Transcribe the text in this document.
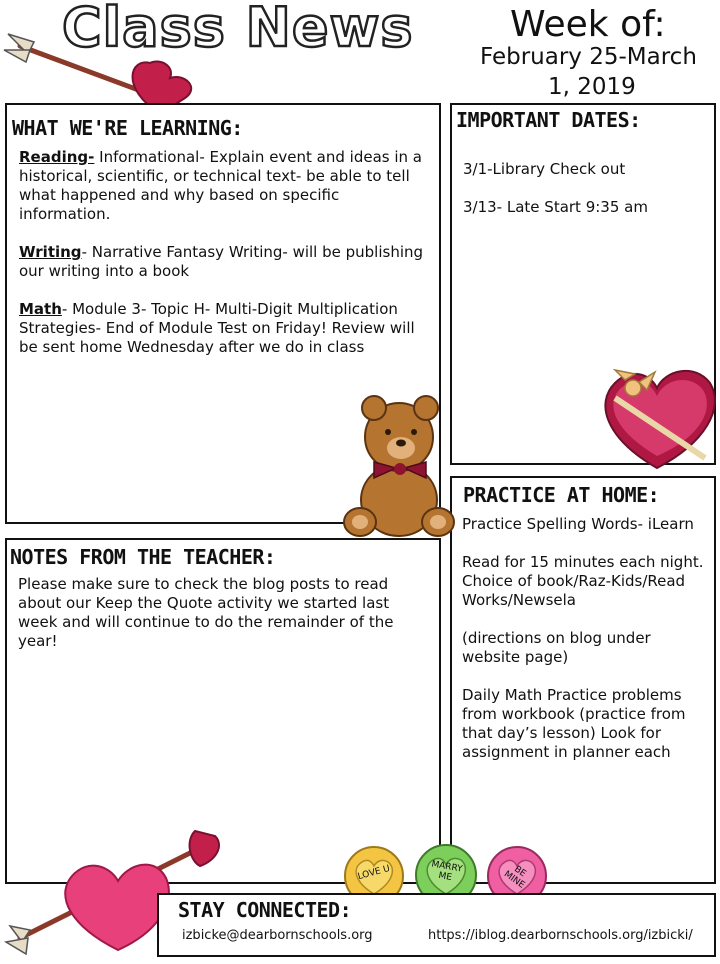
Class News	Week of:
February 25-March
1, 2019
WHAT WE'RE LEARNING:

Reading- Informational- Explain event and ideas in a historical, scientific, or technical text- be able to tell what happened and why based on specific information.

Writing- Narrative Fantasy Writing- will be publishing our writing into a book

Math- Module 3- Topic H- Multi-Digit Multiplication Strategies- End of Module Test on Friday! Review will be sent home Wednesday after we do in class

IMPORTANT DATES:

3/1-Library Check out

3/13- Late Start 9:35 am

PRACTICE AT HOME:

Practice Spelling Words- iLearn

Read for 15 minutes each night. Choice of book/Raz-Kids/Read Works/Newsela

(directions on blog under website page)

Daily Math Practice problems from workbook (practice from that day’s lesson) Look for assignment in planner each

NOTES FROM THE TEACHER:
Please make sure to check the blog posts to read about our Keep the Quote activity we started last week and will continue to do the remainder of the year!
LOVE U	MARRY ME	BE MINE
STAY CONNECTED:
izbicke@dearbornschools.org	https://iblog.dearbornschools.org/izbicki/
